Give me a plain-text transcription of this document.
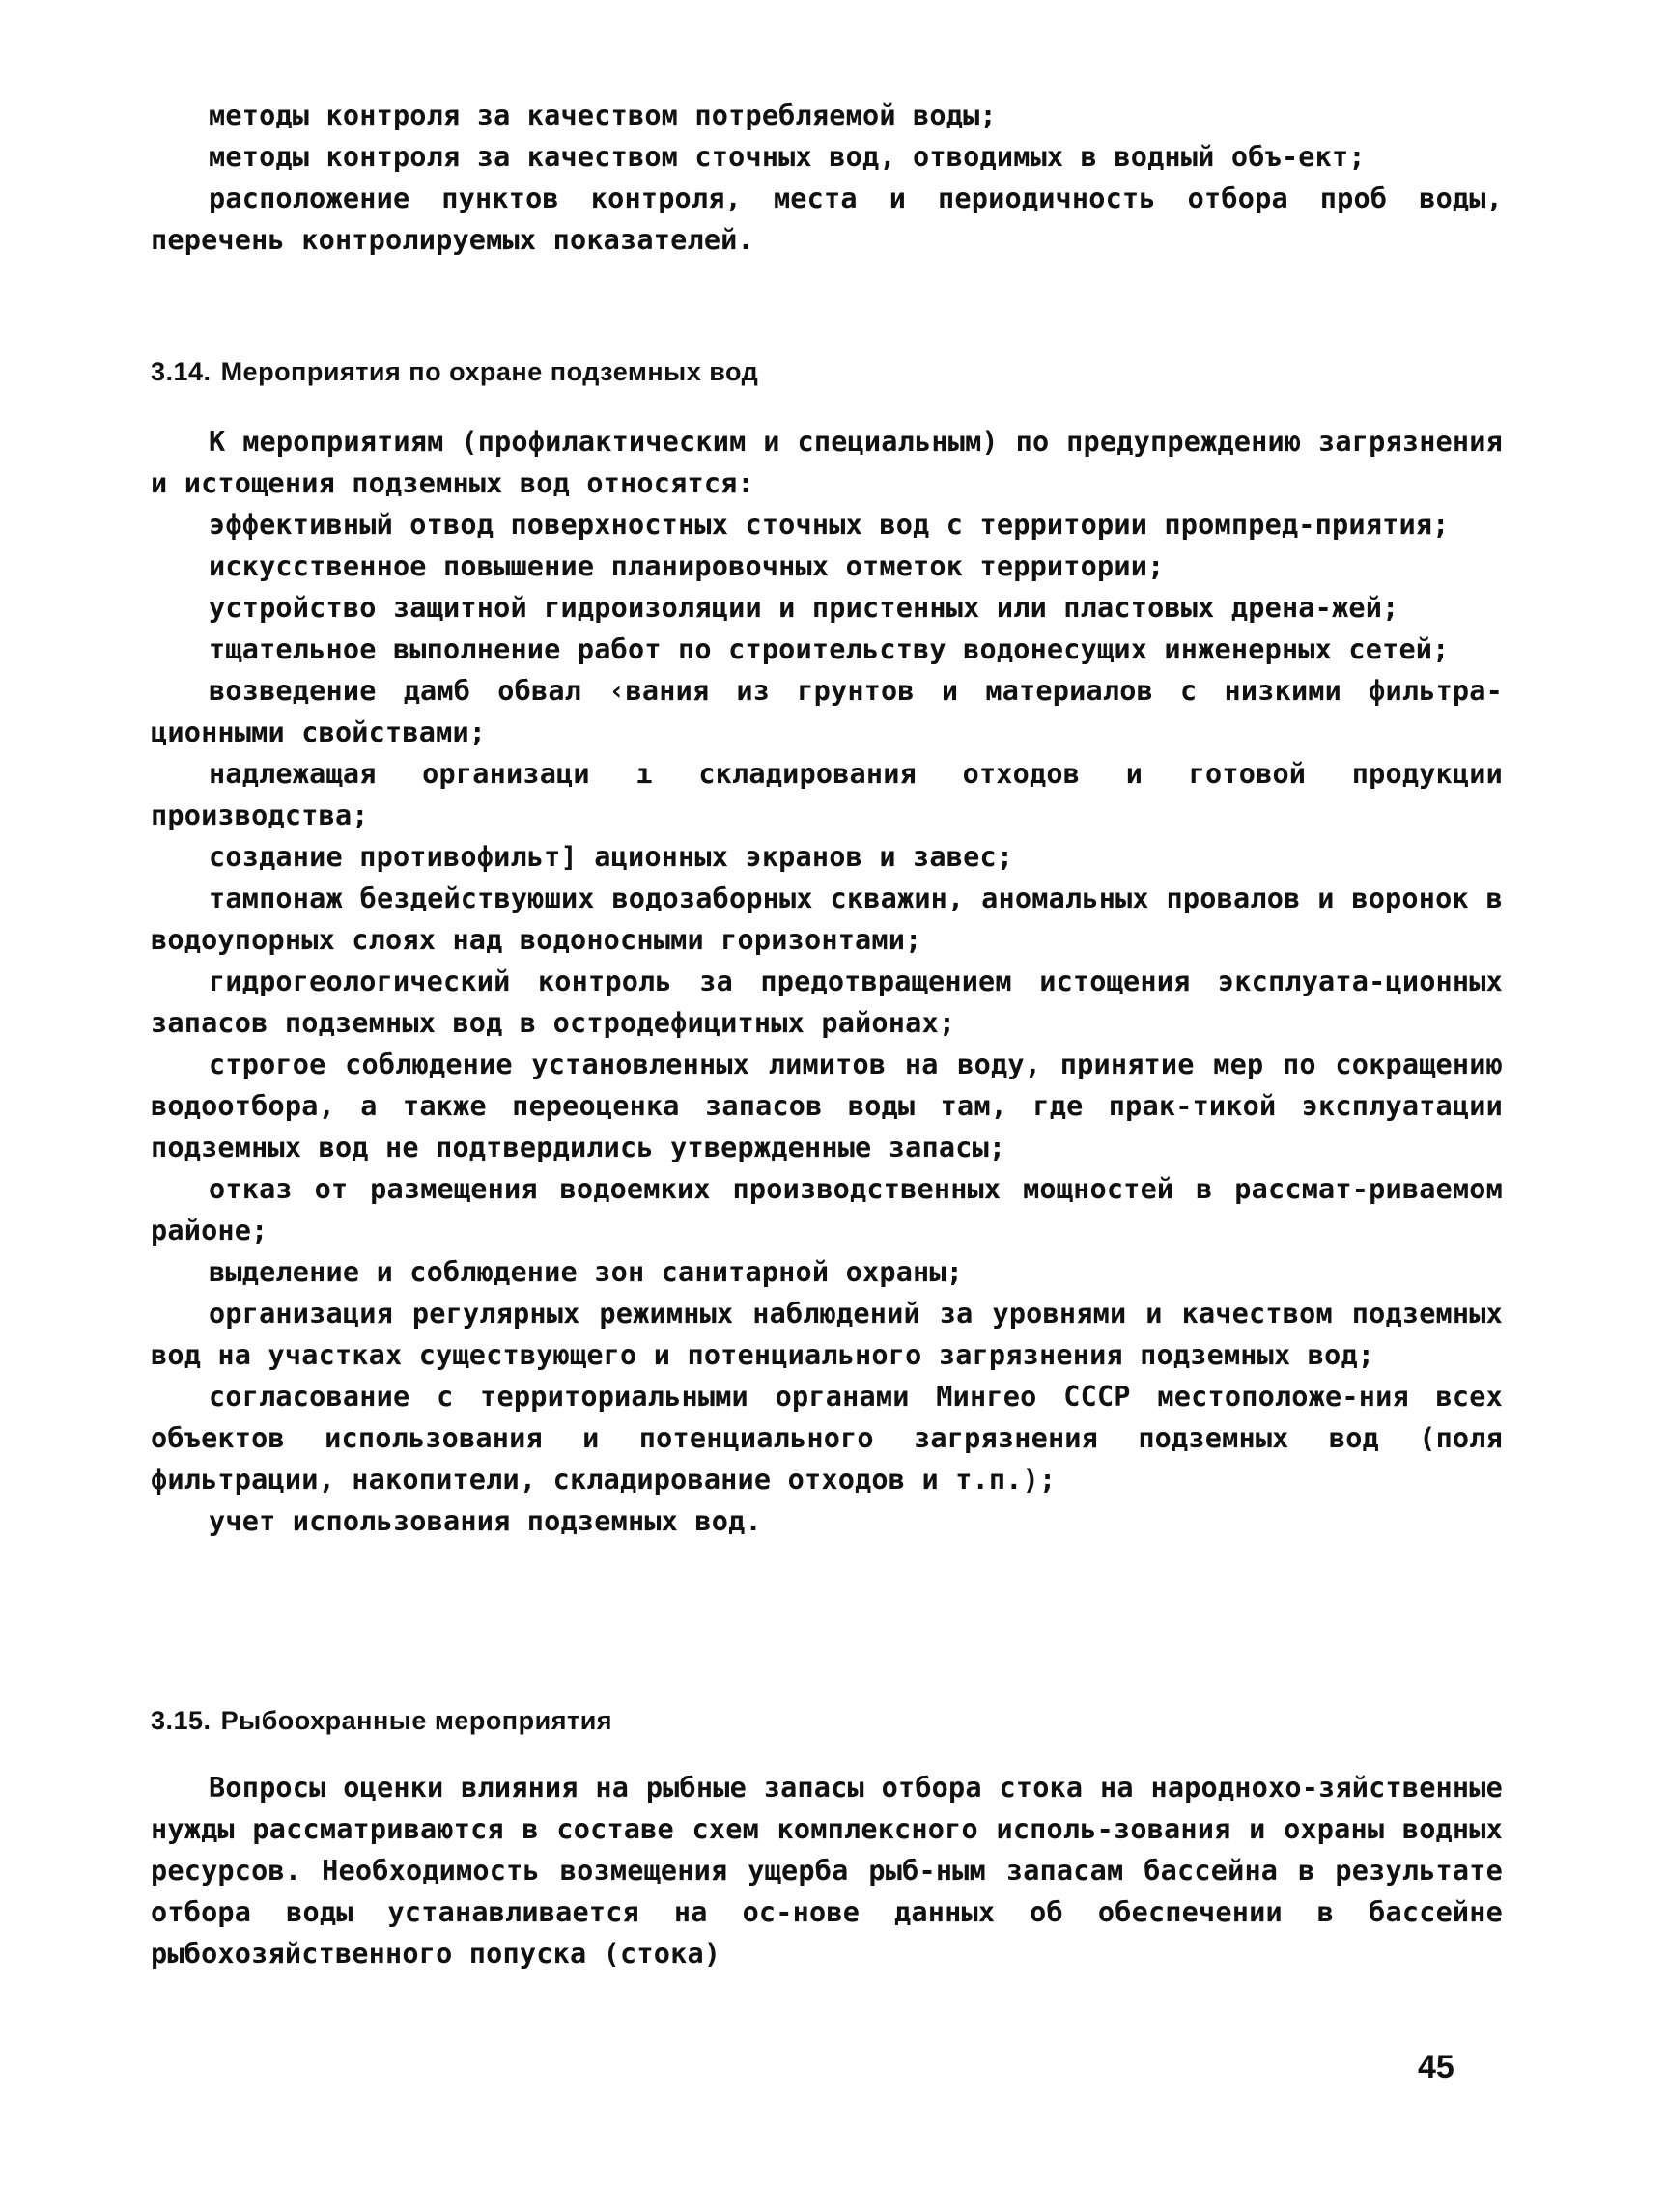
методы контроля за качеством потребляемой воды;

методы контроля за качеством сточных вод, отводимых в водный объ-ект;

расположение пунктов контроля, места и периодичность отбора проб воды, перечень контролируемых показателей.

3.14. Мероприятия по охране подземных вод

К мероприятиям (профилактическим и специальным) по предупреждению загрязнения и истощения подземных вод относятся:

эффективный отвод поверхностных сточных вод с территории промпред-приятия;

искусственное повышение планировочных отметок территории;

устройство защитной гидроизоляции и пристенных или пластовых дрена-жей;

тщательное выполнение работ по строительству водонесущих инженерных сетей;

возведение дамб обвал ‹вания из грунтов и материалов с низкими фильтра-ционными свойствами;

надлежащая организаци ı складирования отходов и готовой продукции производства;

создание противофильт] ационных экранов и завес;

тампонаж бездействуюших водозаборных скважин, аномальных провалов и воронок в водоупорных слоях над водоносными горизонтами;

гидрогеологический контроль за предотвращением истощения эксплуата-ционных запасов подземных вод в остродефицитных районах;

строгое соблюдение установленных лимитов на воду, принятие мер по сокращению водоотбора, а также переоценка запасов воды там, где прак-тикой эксплуатации подземных вод не подтвердились утвержденные запасы;

отказ от размещения водоемких производственных мощностей в рассмат-риваемом районе;

выделение и соблюдение зон санитарной охраны;

организация регулярных режимных наблюдений за уровнями и качеством подземных вод на участках существующего и потенциального загрязнения подземных вод;

согласование с территориальными органами Мингео СССР местоположе-ния всех объектов использования и потенциального загрязнения подземных вод (поля фильтрации, накопители, складирование отходов и т.п.);

учет использования подземных вод.

3.15. Рыбоохранные мероприятия

Вопросы оценки влияния на рыбные запасы отбора стока на народнохо-зяйственные нужды рассматриваются в составе схем комплексного исполь-зования и охраны водных ресурсов. Необходимость возмещения ущерба рыб-ным запасам бассейна в результате отбора воды устанавливается на ос-нове данных об обеспечении в бассейне рыбохозяйственного попуска (стока)

45
